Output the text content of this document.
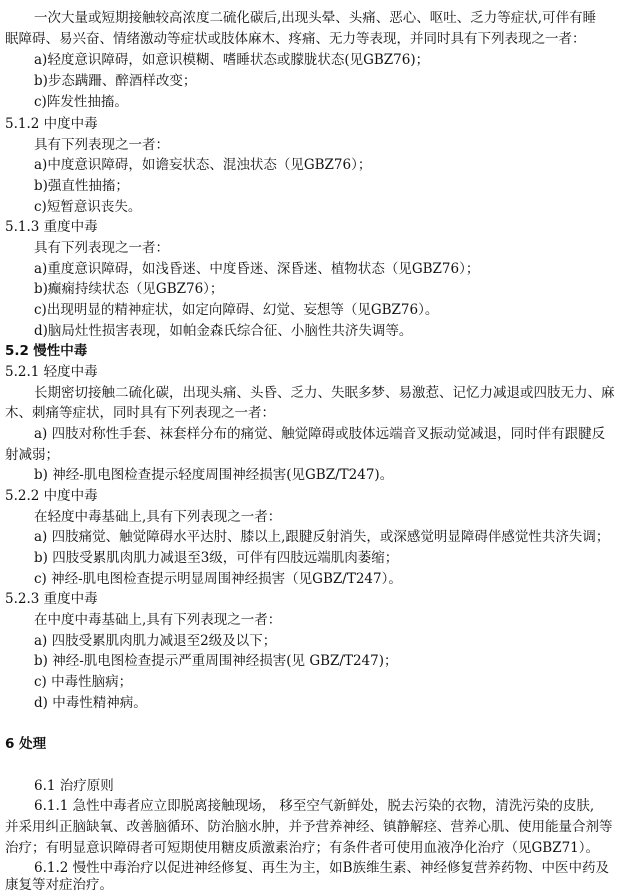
一次大量或短期接触较高浓度二硫化碳后,出现头晕、头痛、恶心、呕吐、乏力等症状,可伴有睡
眠障碍、易兴奋、情绪激动等症状或肢体麻木、疼痛、无力等表现，并同时具有下列表现之一者：
a)轻度意识障碍，如意识模糊、嗜睡状态或朦胧状态(见GBZ76)；
b)步态蹒跚、醉酒样改变；
c)阵发性抽搐。
5.1.2 中度中毒
具有下列表现之一者：
a)中度意识障碍，如谵妄状态、混浊状态（见GBZ76）；
b)强直性抽搐；
c)短暂意识丧失。
5.1.3 重度中毒
具有下列表现之一者：
a)重度意识障碍，如浅昏迷、中度昏迷、深昏迷、植物状态（见GBZ76）；
b)癫痫持续状态（见GBZ76）；
c)出现明显的精神症状，如定向障碍、幻觉、妄想等（见GBZ76）。
d)脑局灶性损害表现，如帕金森氏综合征、小脑性共济失调等。
5.2 慢性中毒
5.2.1 轻度中毒
长期密切接触二硫化碳，出现头痛、头昏、乏力、失眠多梦、易激惹、记忆力减退或四肢无力、麻
木、刺痛等症状，同时具有下列表现之一者：
a) 四肢对称性手套、袜套样分布的痛觉、触觉障碍或肢体远端音叉振动觉减退，同时伴有跟腱反
射减弱；
b) 神经-肌电图检查提示轻度周围神经损害(见GBZ/T247)。
5.2.2 中度中毒
在轻度中毒基础上,具有下列表现之一者：
a) 四肢痛觉、触觉障碍水平达肘、膝以上,跟腱反射消失，或深感觉明显障碍伴感觉性共济失调；
b) 四肢受累肌肉肌力减退至3级，可伴有四肢远端肌肉萎缩；
c) 神经-肌电图检查提示明显周围神经损害（见GBZ/T247）。
5.2.3 重度中毒
在中度中毒基础上,具有下列表现之一者：
a) 四肢受累肌肉肌力减退至2级及以下；
b) 神经-肌电图检查提示严重周围神经损害(见 GBZ/T247)；
c) 中毒性脑病；
d) 中毒性精神病。
6 处理
6.1 治疗原则
6.1.1 急性中毒者应立即脱离接触现场， 移至空气新鲜处，脱去污染的衣物，清洗污染的皮肤,
并采用纠正脑缺氧、改善脑循环、防治脑水肿，并予营养神经、镇静解痉、营养心肌、使用能量合剂等
治疗；有明显意识障碍者可短期使用糖皮质激素治疗；有条件者可使用血液净化治疗（见GBZ71）。
6.1.2 慢性中毒治疗以促进神经修复、再生为主，如B族维生素、神经修复营养药物、中医中药及
康复等对症治疗。
